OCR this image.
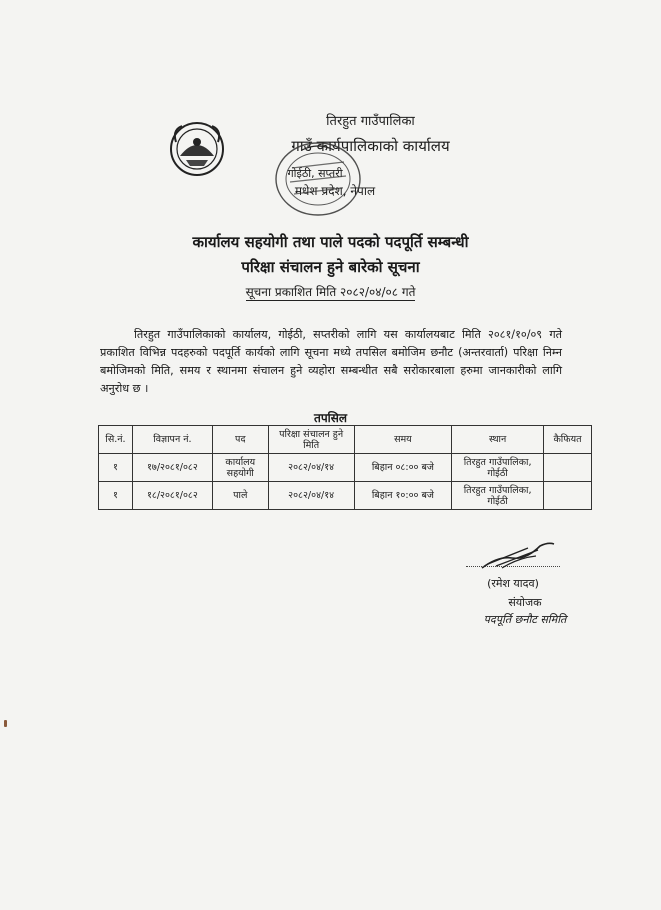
तिरहुत गाउँपालिका
गाउँ कार्यपालिकाको कार्यालय
गोईठी, सप्तरी
मधेश प्रदेश, नेपाल
कार्यालय सहयोगी तथा पाले पदको पदपूर्ति सम्बन्धी
परिक्षा संचालन हुने बारेको सूचना
सूचना प्रकाशित मिति २०८२/०४/०८ गते
तिरहुत गाउँपालिकाको कार्यालय, गोईठी, सप्तरीको लागि यस कार्यालयबाट मिति २०८१/१०/०९ गते प्रकाशित विभिन्न पदहरुको पदपूर्ति कार्यको लागि सूचना मध्ये तपसिल बमोजिम छनौट (अन्तरवार्ता) परिक्षा निम्न बमोजिमको मिति, समय र स्थानमा संचालन हुने व्यहोरा सम्बन्धीत सबै सरोकारबाला हरुमा जानकारीको लागि अनुरोध छ ।
तपसिल
सि.नं.	विज्ञापन नं.	पद	परिक्षा संचालन हुने मिति	समय	स्थान	कैफियत
१	१७/२०८१/०८२	कार्यालय सहयोगी	२०८२/०४/१४	बिहान ०८:०० बजे	तिरहुत गाउँपालिका, गोईठी	
१	१८/२०८१/०८२	पाले	२०८२/०४/१४	बिहान १०:०० बजे	तिरहुत गाउँपालिका, गोईठी	
(रमेश यादव)
संयोजक
पदपूर्ति छनौट समिति
